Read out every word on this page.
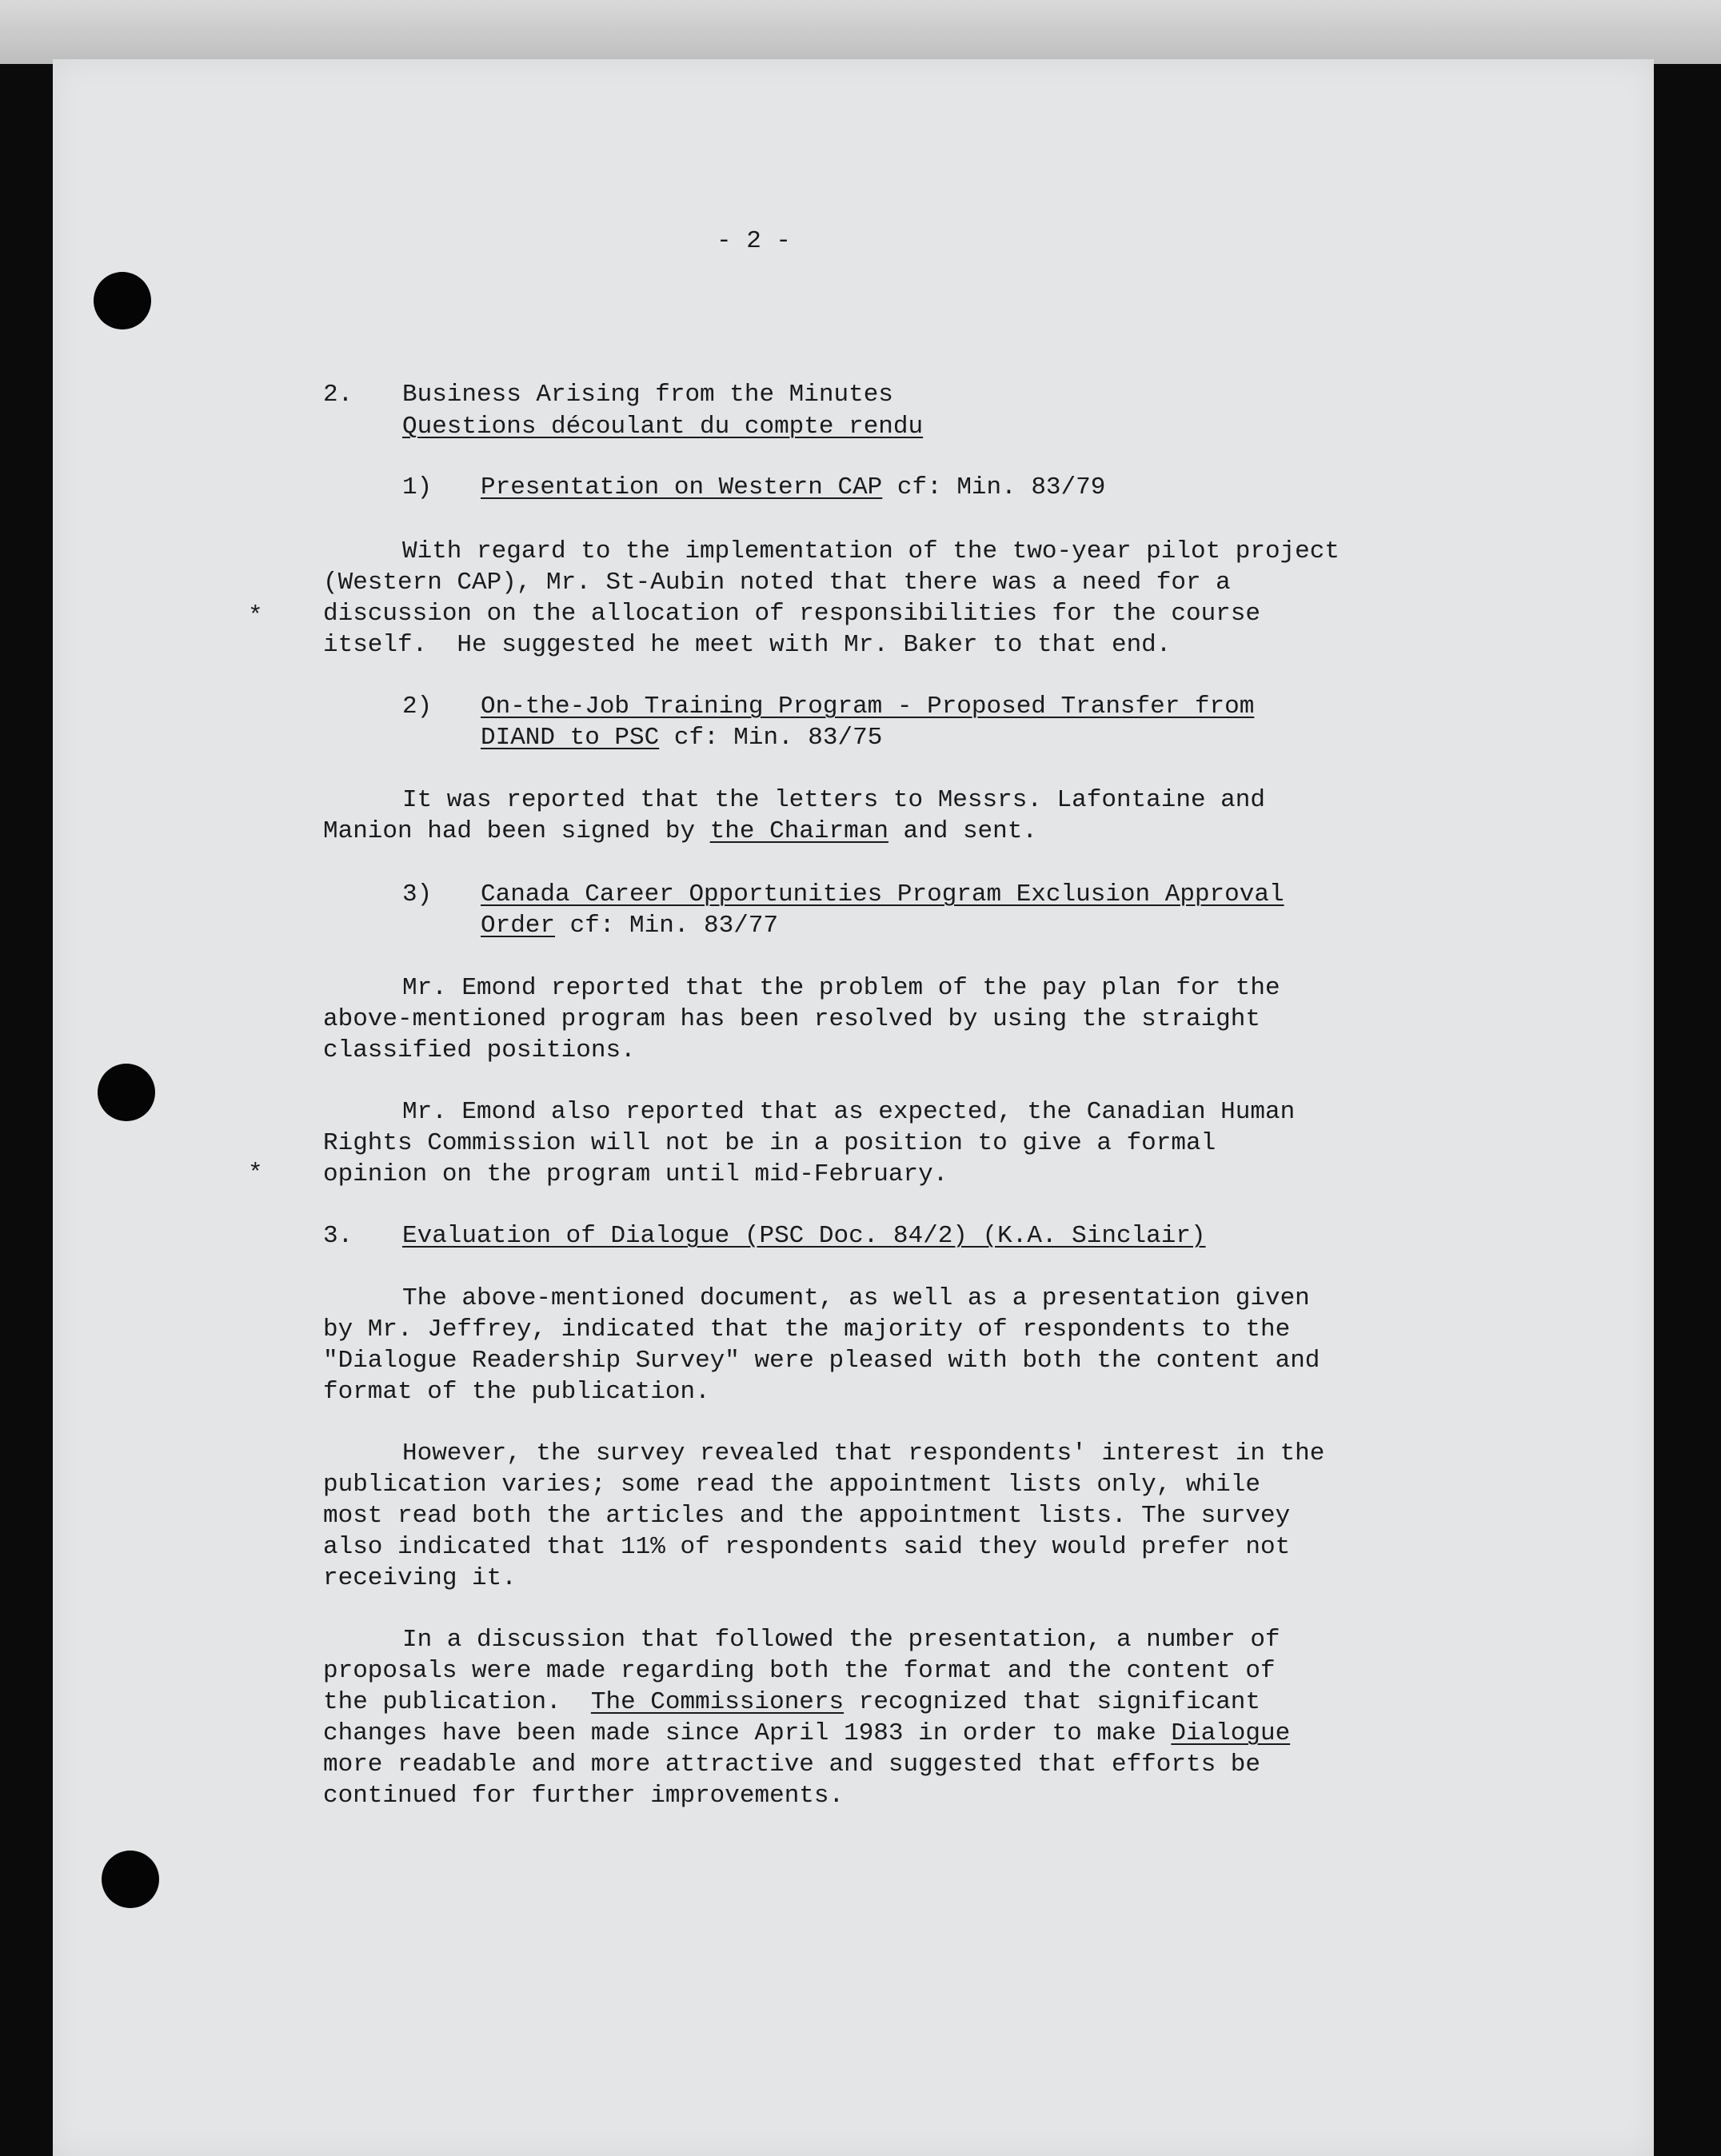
- 2 -

2. Business Arising from the Minutes

Questions découlant du compte rendu

1) Presentation on Western CAP cf: Min. 83/79

With regard to the implementation of the two-year pilot project

(Western CAP), Mr. St-Aubin noted that there was a need for a

discussion on the allocation of responsibilities for the course

itself.  He suggested he meet with Mr. Baker to that end.

*

2) On-the-Job Training Program - Proposed Transfer from

DIAND to PSC cf: Min. 83/75

It was reported that the letters to Messrs. Lafontaine and

Manion had been signed by the Chairman and sent.

3) Canada Career Opportunities Program Exclusion Approval

Order cf: Min. 83/77

Mr. Emond reported that the problem of the pay plan for the

above-mentioned program has been resolved by using the straight

classified positions.

Mr. Emond also reported that as expected, the Canadian Human

Rights Commission will not be in a position to give a formal

opinion on the program until mid-February.

*

3. Evaluation of Dialogue (PSC Doc. 84/2) (K.A. Sinclair)

The above-mentioned document, as well as a presentation given

by Mr. Jeffrey, indicated that the majority of respondents to the

"Dialogue Readership Survey" were pleased with both the content and

format of the publication.

However, the survey revealed that respondents' interest in the

publication varies; some read the appointment lists only, while

most read both the articles and the appointment lists. The survey

also indicated that 11% of respondents said they would prefer not

receiving it.

In a discussion that followed the presentation, a number of

proposals were made regarding both the format and the content of

the publication.  The Commissioners recognized that significant

changes have been made since April 1983 in order to make Dialogue

more readable and more attractive and suggested that efforts be

continued for further improvements.
